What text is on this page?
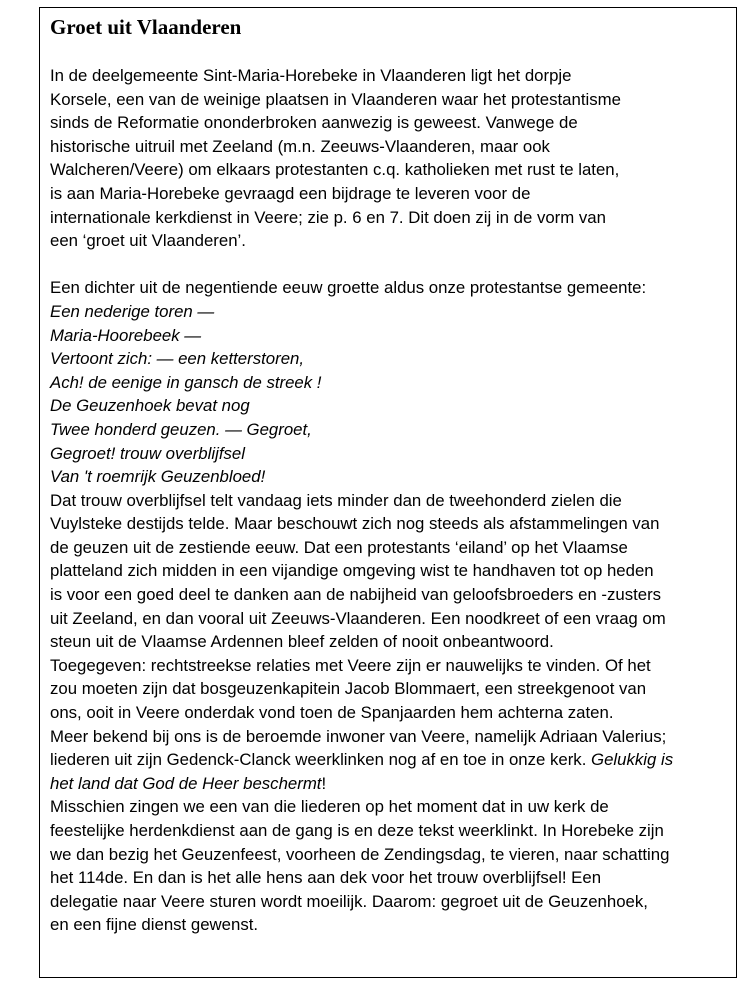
Groet uit Vlaanderen

In de deelgemeente Sint-Maria-Horebeke in Vlaanderen ligt het dorpje
Korsele, een van de weinige plaatsen in Vlaanderen waar het protestantisme
sinds de Reformatie ononderbroken aanwezig is geweest. Vanwege de
historische uitruil met Zeeland (m.n. Zeeuws-Vlaanderen, maar ook
Walcheren/Veere) om elkaars protestanten c.q. katholieken met rust te laten,
is aan Maria-Horebeke gevraagd een bijdrage te leveren voor de
internationale kerkdienst in Veere; zie p. 6 en 7. Dit doen zij in de vorm van
een ‘groet uit Vlaanderen’.

Een dichter uit de negentiende eeuw groette aldus onze protestantse gemeente:

Een nederige toren —
Maria-Hoorebeek —
Vertoont zich: — een ketterstoren,
Ach! de eenige in gansch de streek !
De Geuzenhoek bevat nog
Twee honderd geuzen. — Gegroet,
Gegroet! trouw overblijfsel
Van 't roemrijk Geuzenbloed!

Dat trouw overblijfsel telt vandaag iets minder dan de tweehonderd zielen die
Vuylsteke destijds telde. Maar beschouwt zich nog steeds als afstammelingen van
de geuzen uit de zestiende eeuw. Dat een protestants ‘eiland’ op het Vlaamse
platteland zich midden in een vijandige omgeving wist te handhaven tot op heden
is voor een goed deel te danken aan de nabijheid van geloofsbroeders en -zusters
uit Zeeland, en dan vooral uit Zeeuws-Vlaanderen. Een noodkreet of een vraag om
steun uit de Vlaamse Ardennen bleef zelden of nooit onbeantwoord.
Toegegeven: rechtstreekse relaties met Veere zijn er nauwelijks te vinden. Of het
zou moeten zijn dat bosgeuzenkapitein Jacob Blommaert, een streekgenoot van
ons, ooit in Veere onderdak vond toen de Spanjaarden hem achterna zaten.
Meer bekend bij ons is de beroemde inwoner van Veere, namelijk Adriaan Valerius;
liederen uit zijn Gedenck-Clanck weerklinken nog af en toe in onze kerk. Gelukkig is
het land dat God de Heer beschermt!
Misschien zingen we een van die liederen op het moment dat in uw kerk de
feestelijke herdenkdienst aan de gang is en deze tekst weerklinkt. In Horebeke zijn
we dan bezig het Geuzenfeest, voorheen de Zendingsdag, te vieren, naar schatting
het 114de. En dan is het alle hens aan dek voor het trouw overblijfsel! Een
delegatie naar Veere sturen wordt moeilijk. Daarom: gegroet uit de Geuzenhoek,
en een fijne dienst gewenst.
